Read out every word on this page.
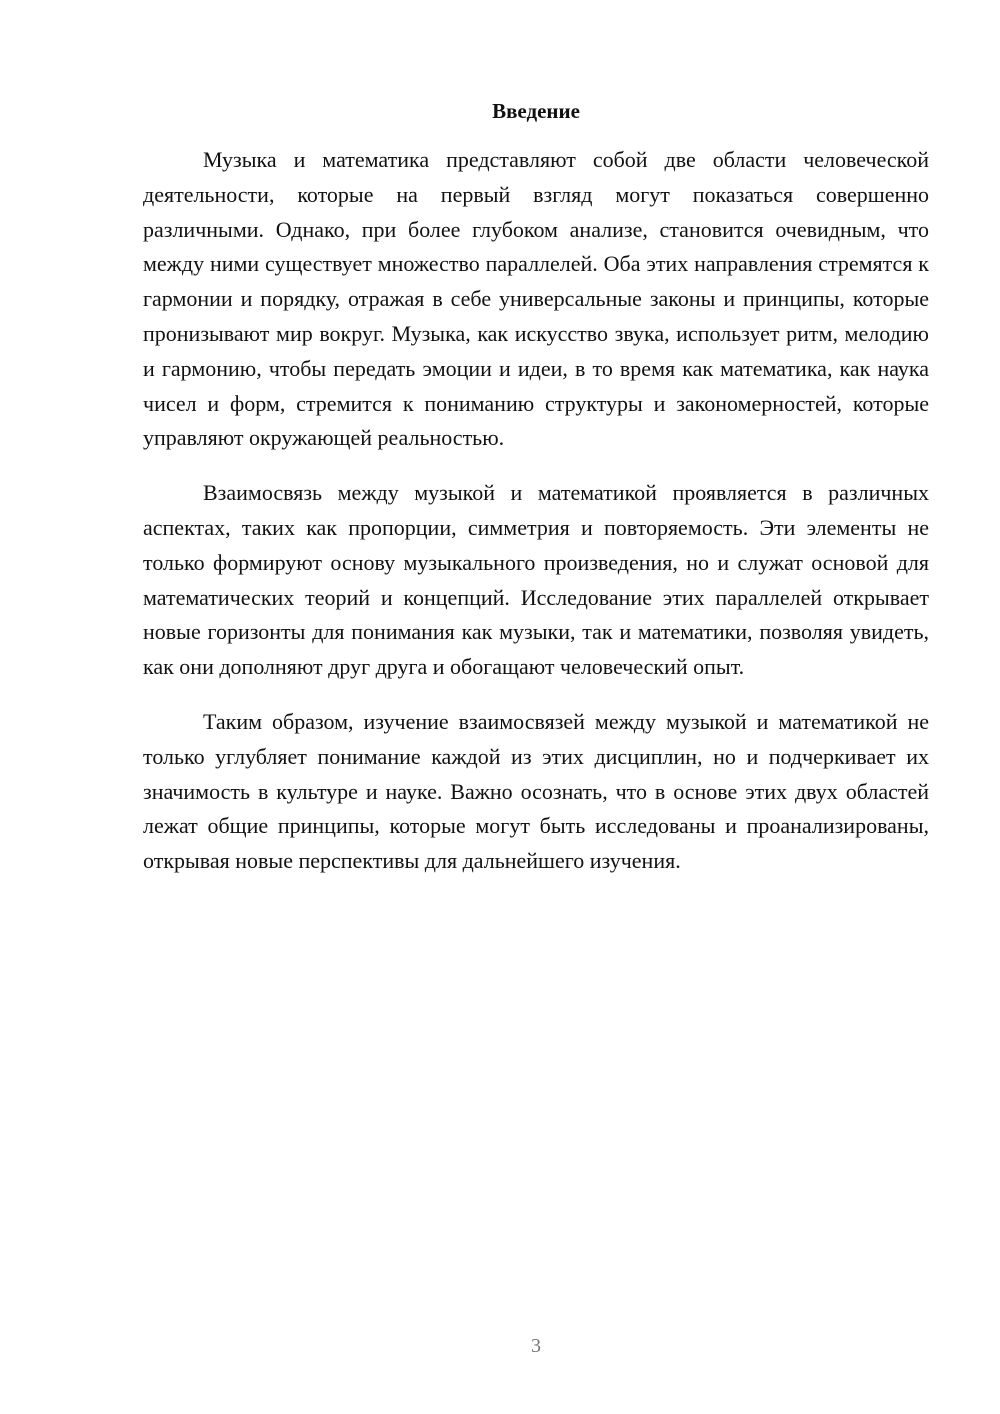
Введение

Музыка и математика представляют собой две области человеческой деятельности, которые на первый взгляд могут показаться совершенно различными. Однако, при более глубоком анализе, становится очевидным, что между ними существует множество параллелей. Оба этих направления стремятся к гармонии и порядку, отражая в себе универсальные законы и принципы, которые пронизывают мир вокруг. Музыка, как искусство звука, использует ритм, мелодию и гармонию, чтобы передать эмоции и идеи, в то время как математика, как наука чисел и форм, стремится к пониманию структуры и закономерностей, которые управляют окружающей реальностью.

Взаимосвязь между музыкой и математикой проявляется в различных аспектах, таких как пропорции, симметрия и повторяемость. Эти элементы не только формируют основу музыкального произведения, но и служат основой для математических теорий и концепций. Исследование этих параллелей открывает новые горизонты для понимания как музыки, так и математики, позволяя увидеть, как они дополняют друг друга и обогащают человеческий опыт.

Таким образом, изучение взаимосвязей между музыкой и математикой не только углубляет понимание каждой из этих дисциплин, но и подчеркивает их значимость в культуре и науке. Важно осознать, что в основе этих двух областей лежат общие принципы, которые могут быть исследованы и проанализированы, открывая новые перспективы для дальнейшего изучения.

3
